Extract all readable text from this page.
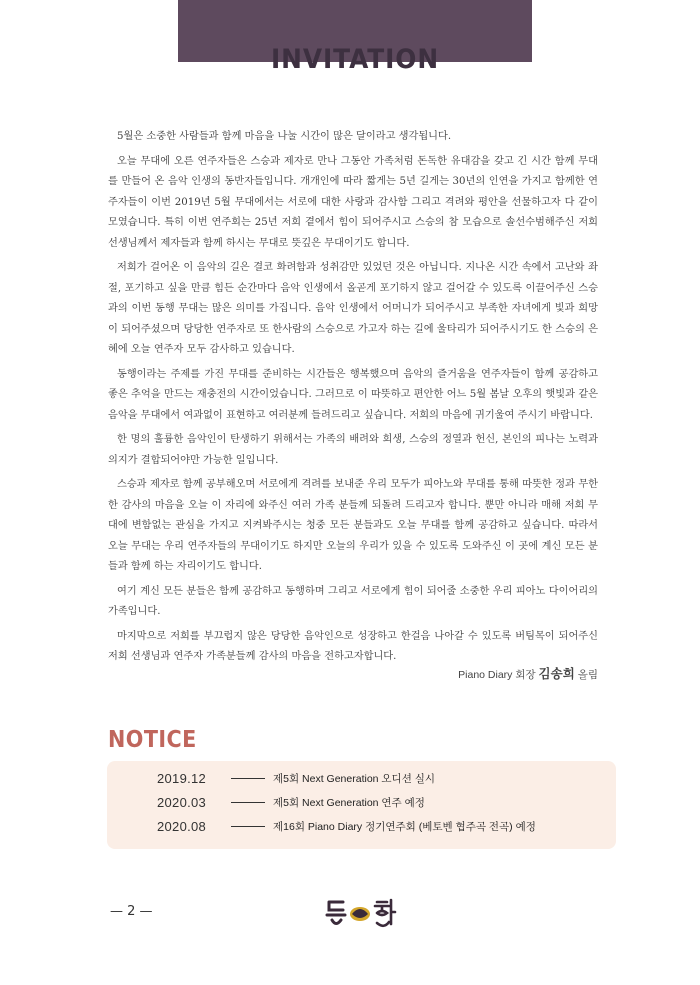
INVITATION

5월은 소중한 사람들과 함께 마음을 나눌 시간이 많은 달이라고 생각됩니다.

오늘 무대에 오른 연주자들은 스승과 제자로 만나 그동안 가족처럼 돈독한 유대감을 갖고 긴 시간 함께 무대를 만들어 온 음악 인생의 동반자들입니다. 개개인에 따라 짧게는 5년 길게는 30년의 인연을 가지고 함께한 연주자들이 이번 2019년 5월 무대에서는 서로에 대한 사랑과 감사함 그리고 격려와 평안을 선물하고자 다 같이 모였습니다. 특히 이번 연주회는 25년 저희 곁에서 힘이 되어주시고 스승의 참 모습으로 솔선수범해주신 저희 선생님께서 제자들과 함께 하시는 무대로 뜻깊은 무대이기도 합니다.

저희가 걸어온 이 음악의 길은 결코 화려함과 성취감만 있었던 것은 아닙니다. 지나온 시간 속에서 고난와 좌절, 포기하고 싶을 만큼 힘든 순간마다 음악 인생에서 올곧게 포기하지 않고 걸어갈 수 있도록 이끌어주신 스승과의 이번 동행 무대는 많은 의미를 가집니다. 음악 인생에서 어머니가 되어주시고 부족한 자녀에게 빛과 희망이 되어주셨으며 당당한 연주자로 또 한사람의 스승으로 가고자 하는 길에 울타리가 되어주시기도 한 스승의 은혜에 오늘 연주자 모두 감사하고 있습니다.

동행이라는 주제를 가진 무대를 준비하는 시간들은 행복했으며 음악의 즐거움을 연주자들이 함께 공감하고 좋은 추억을 만드는 재충전의 시간이었습니다. 그러므로 이 따뜻하고 편안한 어느 5월 봄날 오후의 햇빛과 같은 음악을 무대에서 여과없이 표현하고 여러분께 들려드리고 싶습니다. 저희의 마음에 귀기울여 주시기 바랍니다.

한 명의 훌륭한 음악인이 탄생하기 위해서는 가족의 배려와 희생, 스승의 정열과 헌신, 본인의 피나는 노력과 의지가 결합되어야만 가능한 일입니다.

스승과 제자로 함께 공부해오며 서로에게 격려를 보내준 우리 모두가 피아노와 무대를 통해 따뜻한 정과 무한한 감사의 마음을 오늘 이 자리에 와주신 여러 가족 분들께 되돌려 드리고자 합니다. 뿐만 아니라 매해 저희 무대에 변함없는 관심을 가지고 지켜봐주시는 청중 모든 분들과도 오늘 무대를 함께 공감하고 싶습니다. 따라서 오늘 무대는 우리 연주자들의 무대이기도 하지만 오늘의 우리가 있을 수 있도록 도와주신 이 곳에 계신 모든 분들과 함께 하는 자리이기도 합니다.

여기 계신 모든 분들은 함께 공감하고 동행하며 그리고 서로에게 힘이 되어줄 소중한 우리 피아노 다이어리의 가족입니다.

마지막으로 저희를 부끄럽지 않은 당당한 음악인으로 성장하고 한걸음 나아갈 수 있도록 버팀목이 되어주신 저희 선생님과 연주자 가족분들께 감사의 마음을 전하고자합니다.

Piano Diary 회장 김송희 올림
NOTICE
2019.12	제5회 Next Generation 오디션 실시
2020.03	제5회 Next Generation 연주 예정
2020.08	제16회 Piano Diary 정기연주회 (베토벤 협주곡 전곡) 예정
— 2 —
